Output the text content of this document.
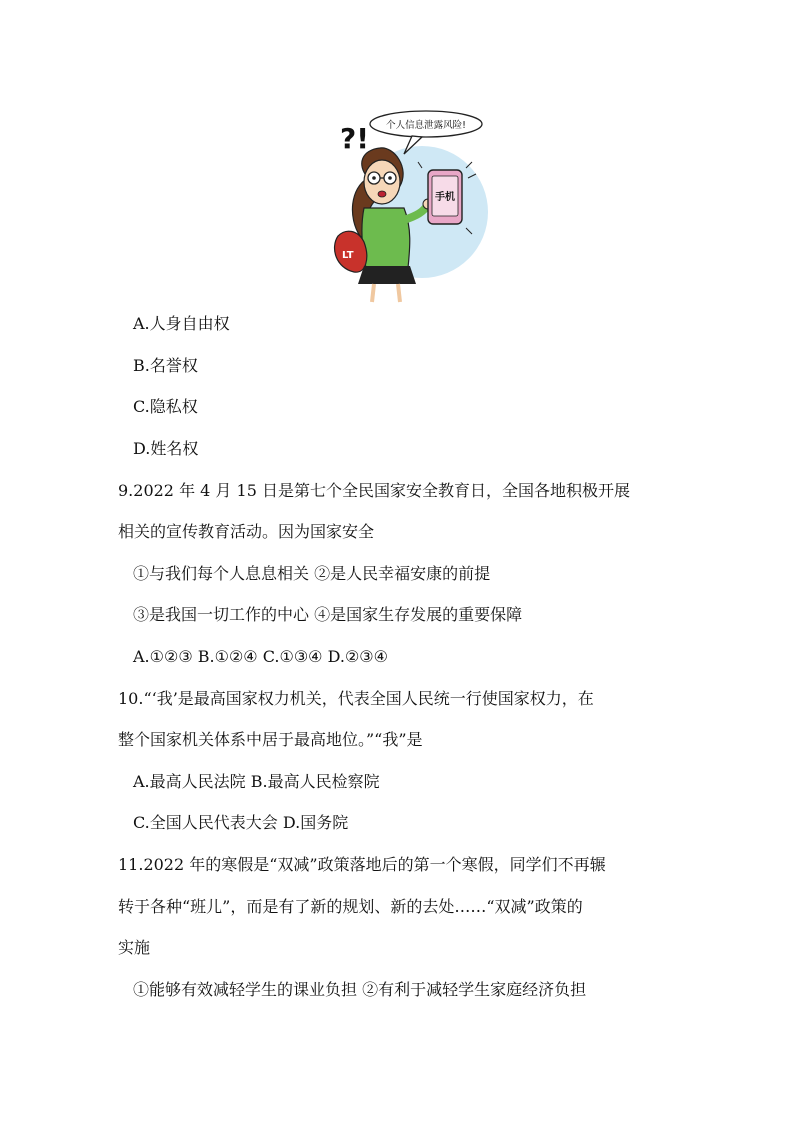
个人信息泄露风险!
?!
LT
手机
A.人身自由权
B.名誉权
C.隐私权
D.姓名权
9.2022 年 4 月 15 日是第七个全民国家安全教育日，全国各地积极开展
相关的宣传教育活动。因为国家安全
①与我们每个人息息相关 ②是人民幸福安康的前提
③是我国一切工作的中心 ④是国家生存发展的重要保障
A.①②③ B.①②④ C.①③④ D.②③④
10.“‘我’是最高国家权力机关，代表全国人民统一行使国家权力，在
整个国家机关体系中居于最高地位。”“我”是
A.最高人民法院 B.最高人民检察院
C.全国人民代表大会 D.国务院
11.2022 年的寒假是“双减”政策落地后的第一个寒假，同学们不再辗
转于各种“班儿”，而是有了新的规划、新的去处……“双减”政策的
实施
①能够有效减轻学生的课业负担 ②有利于减轻学生家庭经济负担
